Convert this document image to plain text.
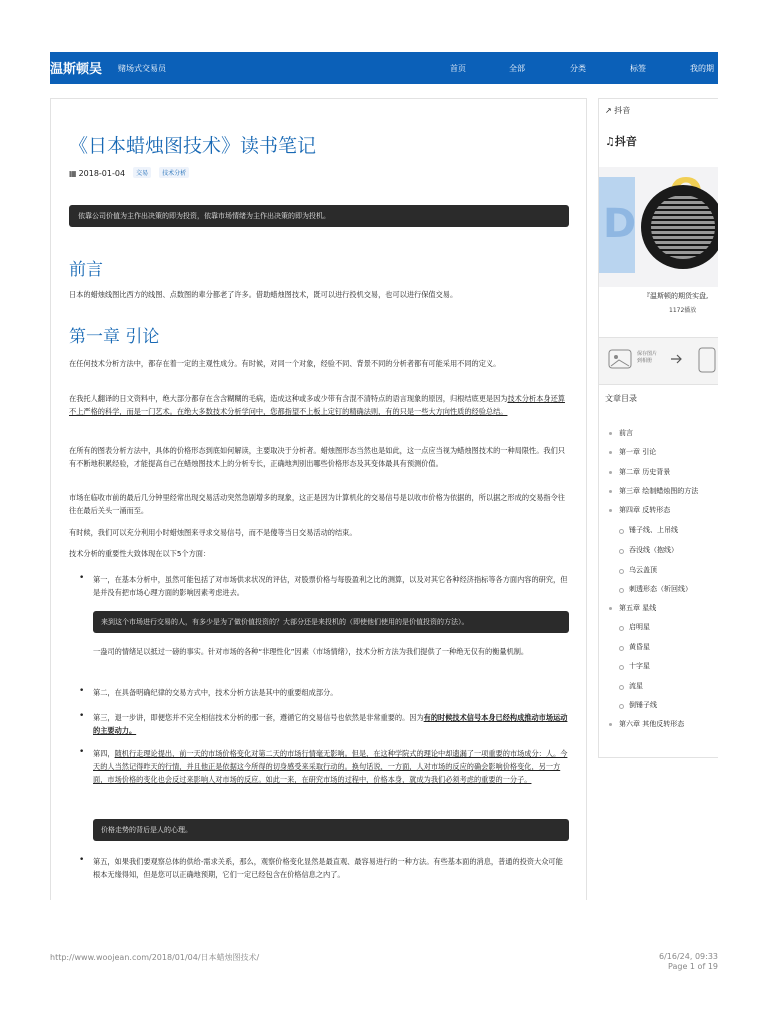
温斯顿吴 赌场式交易员	首页	全部	分类	标签	我的期
《日本蜡烛图技术》读书笔记
▦ 2018-01-04 交易 技术分析
依靠公司价值为主作出决策的即为投资，依靠市场情绪为主作出决策的即为投机。
前言
日本的蜡烛线图比西方的线图、点数图的辈分都老了许多。借助蜡烛图技术，既可以进行投机交易，也可以进行保值交易。
第一章 引论
在任何技术分析方法中，都存在着一定的主观性成分。有时候，对同一个对象，经验不同、背景不同的分析者都有可能采用不同的定义。
在我托人翻译的日文资料中，绝大部分都存在含含糊糊的毛病，造成这种或多或少带有含混不清特点的语言现象的原因，归根结底更是因为技术分析本身还算不上严格的科学，而是一门艺术。在绝大多数技术分析学问中，您都指望不上板上定钉的精确法则，有的只是一些大方向性质的经验总结。
在所有的图表分析方法中，具体的价格形态到底如何解读，主要取决于分析者。蜡烛图形态当然也是如此，这一点应当视为蜡烛图技术的一种局限性。我们只有不断地积累经验，才能提高自己在蜡烛图技术上的分析专长，正确地判别出哪些价格形态及其变体最具有预测价值。
市场在临收市前的最后几分钟里经常出现交易活动突然急剧增多的现象，这正是因为计算机化的交易信号是以收市价格为依据的，所以据之形成的交易指令往往在最后关头一涌而至。
有时候，我们可以充分利用小时蜡烛图来寻求交易信号，而不是傻等当日交易活动的结束。
技术分析的重要性大致体现在以下5个方面：
• 第一，在基本分析中，虽然可能包括了对市场供求状况的评估，对股票价格与每股盈利之比的测算，以及对其它各种经济指标等各方面内容的研究，但是并没有把市场心理方面的影响因素考虑进去。
来到这个市场进行交易的人，有多少是为了做价值投资的？大部分还是来投机的（即使他们使用的是价值投资的方法）。
一盎司的情绪足以抵过一磅的事实。针对市场的各种“非理性化”因素（市场情绪），技术分析方法为我们提供了一种绝无仅有的衡量机制。
• 第二，在具备明确纪律的交易方式中，技术分析方法是其中的重要组成部分。
• 第三，退一步讲，即便您并不完全相信技术分析的那一套，遵循它的交易信号也依然是非常重要的。因为有的时候技术信号本身已经构成推动市场运动的主要动力。
• 第四，随机行走理论提出，前一天的市场价格变化对第二天的市场行情毫无影响。但是，在这种学院式的理论中却遗漏了一项重要的市场成分：人。今天的人当然记得昨天的行情，并且他正是依据这今所得的切身感受来采取行动的。换句话说，一方面，人对市场的反应的确会影响价格变化，另一方面，市场价格的变化也会反过来影响人对市场的反应。如此一来，在研究市场的过程中，价格本身，就成为我们必须考虑的重要的一分子。
价格走势的背后是人的心理。
• 第五，如果我们要观察总体的供给-需求关系，那么，观察价格变化显然是最直观、最容易进行的一种方法。有些基本面的消息，普通的投资大众可能根本无缘得知，但是您可以正确地预期，它们一定已经包含在价格信息之内了。
↗ 抖音
♫抖音
D
『温斯顿的期货实盘,
1172播放
保存图片
到相册
文章目录
前言
第一章 引论
第二章 历史背景
第三章 绘制蜡烛图的方法
第四章 反转形态
锤子线、上吊线
吞没线（抱线）
乌云盖顶
刺透形态（斩回线）
第五章 星线
启明星
黄昏星
十字星
流星
倒锤子线
第六章 其他反转形态
http://www.woojean.com/2018/01/04/日本蜡烛图技术/	6/16/24, 09:33
Page 1 of 19
